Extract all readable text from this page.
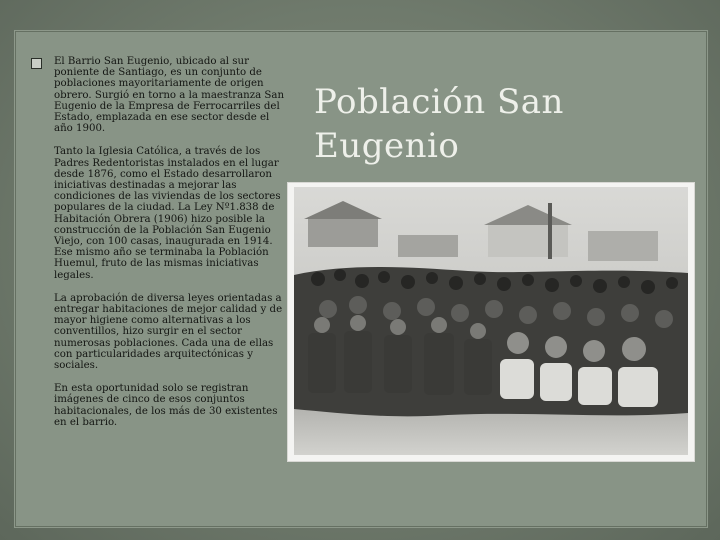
El Barrio San Eugenio, ubicado al sur poniente de Santiago, es un conjunto de poblaciones mayoritariamente de origen obrero. Surgió en torno a la maestranza San Eugenio de la Empresa de Ferrocarriles del Estado, emplazada en ese sector desde el año 1900.

Tanto la Iglesia Católica, a través de los Padres Redentoristas instalados en el lugar desde 1876, como el Estado desarrollaron iniciativas destinadas a mejorar las condiciones de las viviendas de los sectores populares de la ciudad. La Ley Nº1.838 de Habitación Obrera (1906) hizo posible la construcción de la Población San Eugenio Viejo, con 100 casas, inaugurada en 1914. Ese mismo año se terminaba la Población Huemul, fruto de las mismas iniciativas legales.

La aprobación de diversa leyes orientadas a entregar habitaciones de mejor calidad y de mayor higiene como alternativas a los conventillos, hizo surgir en el sector numerosas poblaciones. Cada una de ellas con particularidades arquitectónicas y sociales.

En esta oportunidad solo se registran imágenes de cinco de esos conjuntos habitacionales, de los más de 30 existentes en el barrio.

Población San Eugenio
